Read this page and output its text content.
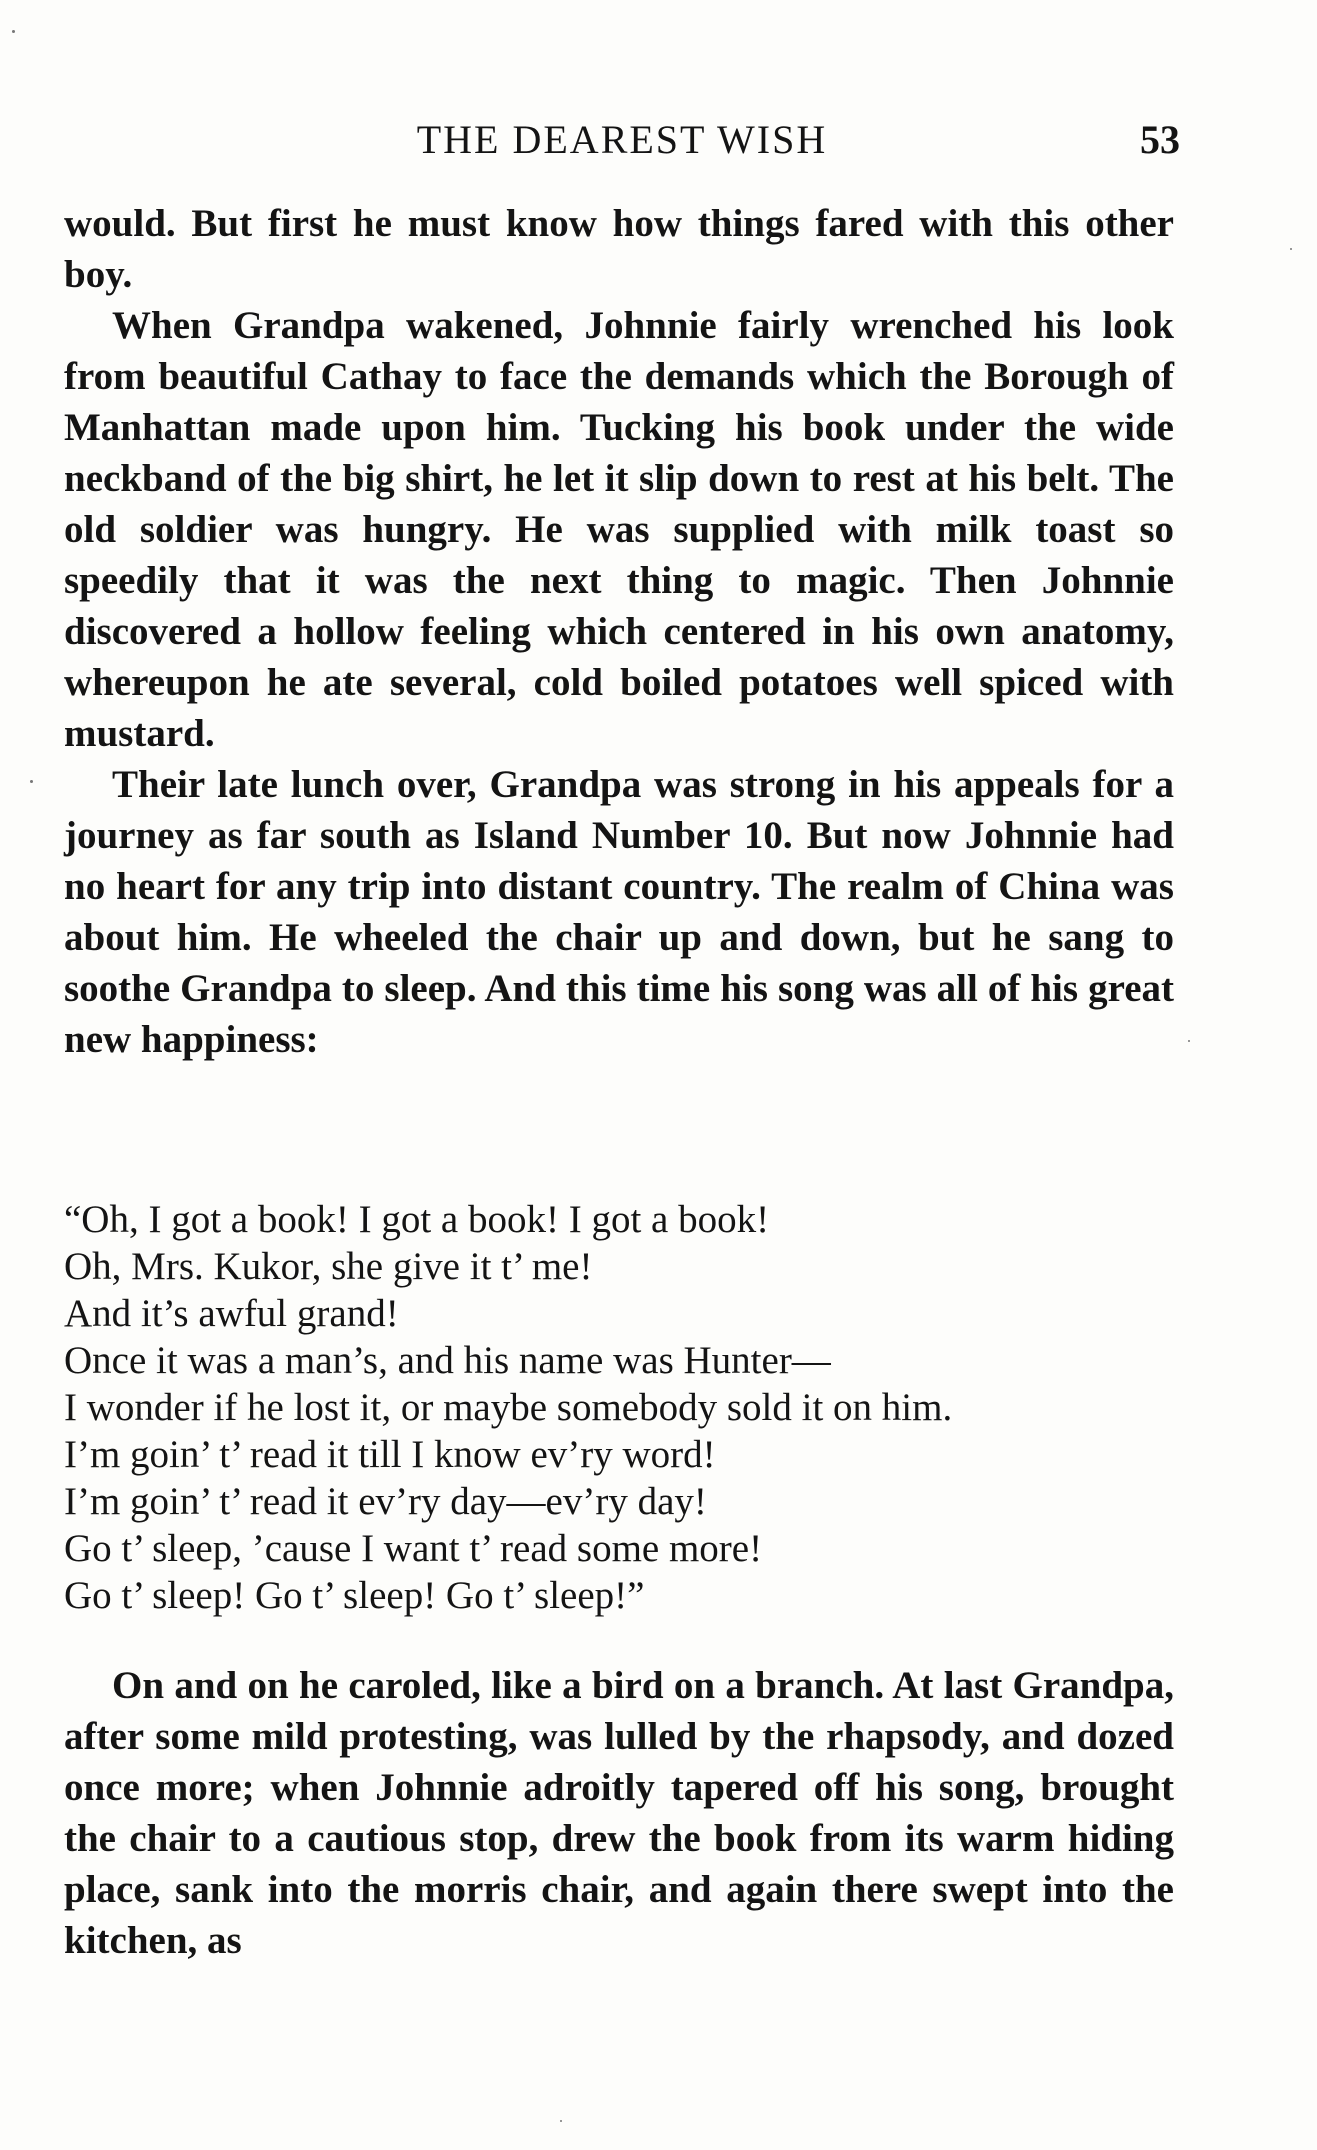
THE DEAREST WISH	53

would. But first he must know how things fared with this other boy.

When Grandpa wakened, Johnnie fairly wrenched his look from beautiful Cathay to face the demands which the Borough of Manhattan made upon him. Tucking his book under the wide neckband of the big shirt, he let it slip down to rest at his belt. The old soldier was hungry. He was supplied with milk toast so speedily that it was the next thing to magic. Then Johnnie discovered a hollow feeling which centered in his own anatomy, whereupon he ate several, cold boiled potatoes well spiced with mustard.

Their late lunch over, Grandpa was strong in his appeals for a journey as far south as Island Number 10. But now Johnnie had no heart for any trip into distant country. The realm of China was about him. He wheeled the chair up and down, but he sang to soothe Grandpa to sleep. And this time his song was all of his great new happiness:

“Oh, I got a book! I got a book! I got a book!
Oh, Mrs. Kukor, she give it t’ me!
And it’s awful grand!
Once it was a man’s, and his name was Hunter—
I wonder if he lost it, or maybe somebody sold it on him.
I’m goin’ t’ read it till I know ev’ry word!
I’m goin’ t’ read it ev’ry day—ev’ry day!
Go t’ sleep, ’cause I want t’ read some more!
Go t’ sleep! Go t’ sleep! Go t’ sleep!”

On and on he caroled, like a bird on a branch. At last Grandpa, after some mild protesting, was lulled by the rhapsody, and dozed once more; when Johnnie adroitly tapered off his song, brought the chair to a cautious stop, drew the book from its warm hiding place, sank into the morris chair, and again there swept into the kitchen, as
